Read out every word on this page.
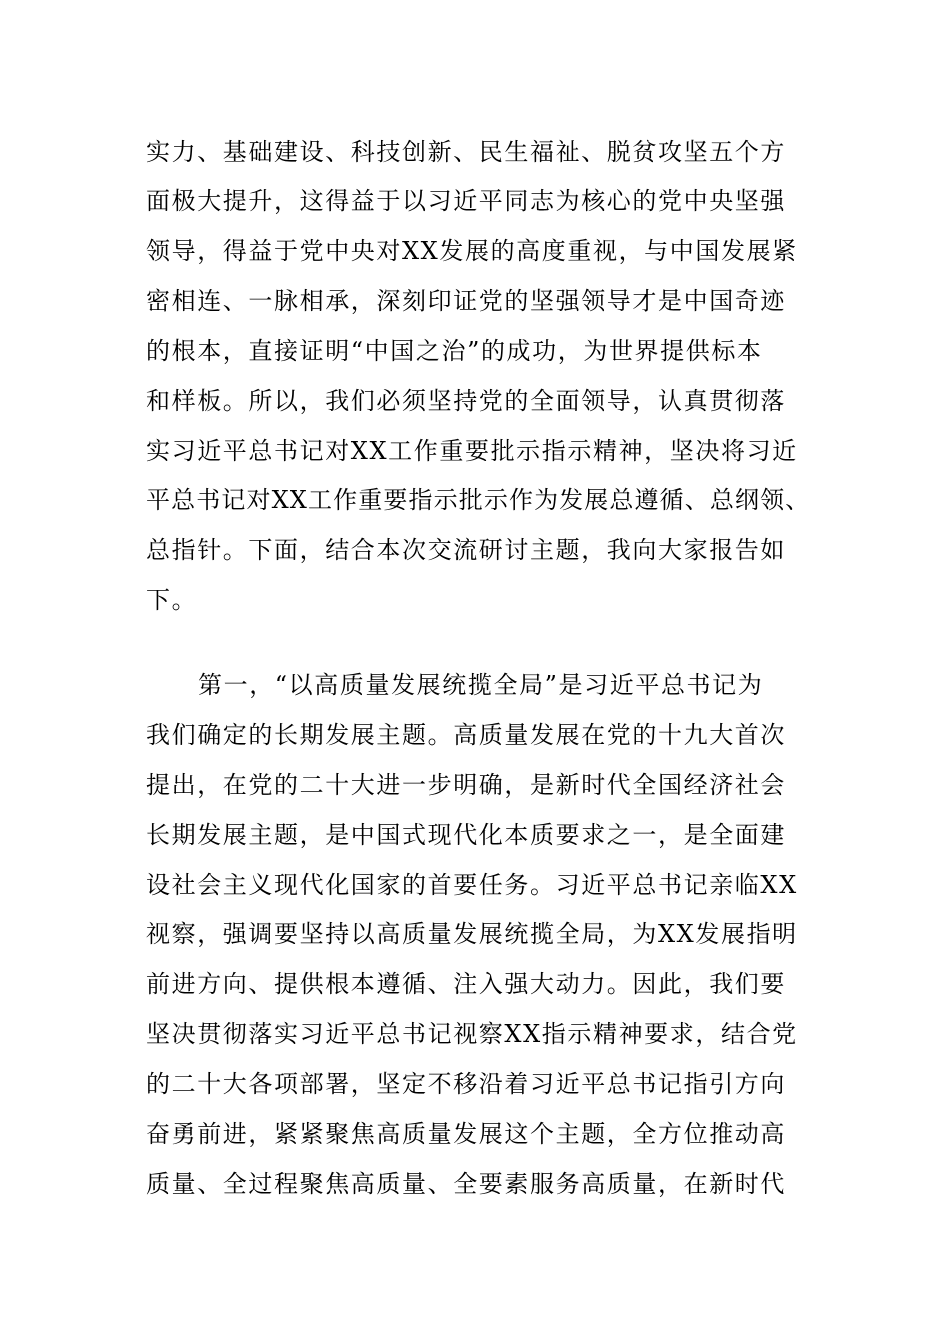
实力、基础建设、科技创新、民生福祉、脱贫攻坚五个方
面极大提升，这得益于以习近平同志为核心的党中央坚强
领导，得益于党中央对XX发展的高度重视，与中国发展紧
密相连、一脉相承，深刻印证党的坚强领导才是中国奇迹
的根本，直接证明“中国之治”的成功，为世界提供标本
和样板。所以，我们必须坚持党的全面领导，认真贯彻落
实习近平总书记对XX工作重要批示指示精神，坚决将习近
平总书记对XX工作重要指示批示作为发展总遵循、总纲领、
总指针。下面，结合本次交流研讨主题，我向大家报告如
下。
第一，“以高质量发展统揽全局”是习近平总书记为
我们确定的长期发展主题。高质量发展在党的十九大首次
提出，在党的二十大进一步明确，是新时代全国经济社会
长期发展主题，是中国式现代化本质要求之一，是全面建
设社会主义现代化国家的首要任务。习近平总书记亲临XX
视察，强调要坚持以高质量发展统揽全局，为XX发展指明
前进方向、提供根本遵循、注入强大动力。因此，我们要
坚决贯彻落实习近平总书记视察XX指示精神要求，结合党
的二十大各项部署，坚定不移沿着习近平总书记指引方向
奋勇前进，紧紧聚焦高质量发展这个主题，全方位推动高
质量、全过程聚焦高质量、全要素服务高质量，在新时代
